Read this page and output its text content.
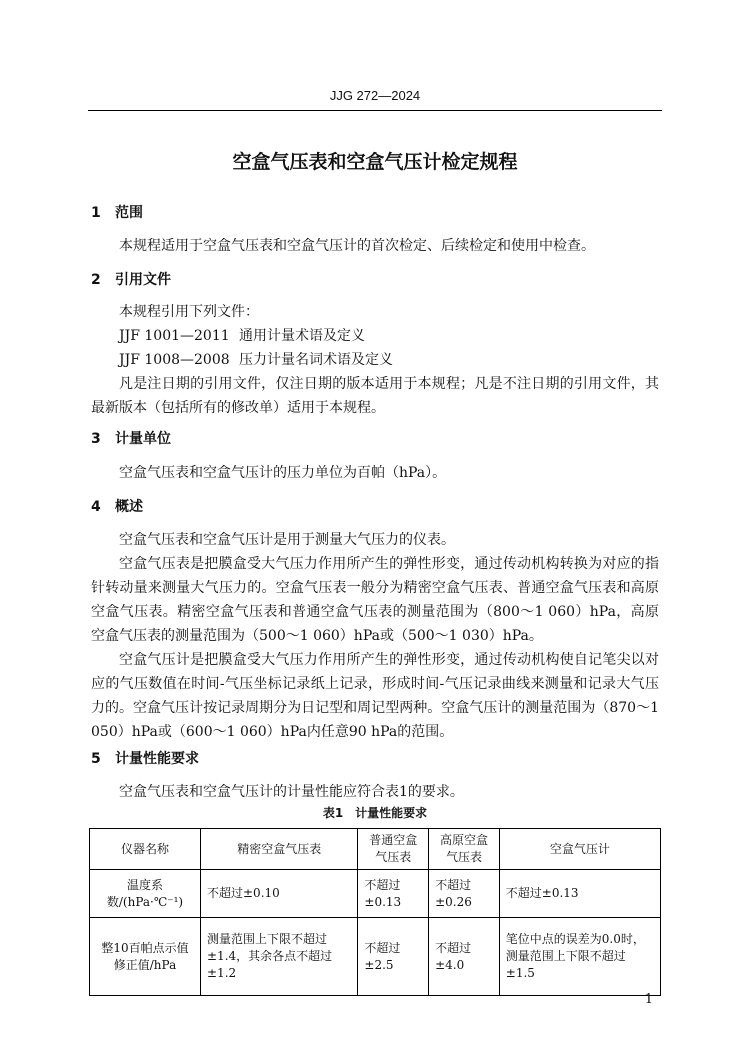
JJG 272—2024
空盒气压表和空盒气压计检定规程
1 范围

本规程适用于空盒气压表和空盒气压计的首次检定、后续检定和使用中检查。

2 引用文件

本规程引用下列文件：

JJF 1001—2011 通用计量术语及定义

JJF 1008—2008 压力计量名词术语及定义

凡是注日期的引用文件，仅注日期的版本适用于本规程；凡是不注日期的引用文件，其最新版本（包括所有的修改单）适用于本规程。

3 计量单位

空盒气压表和空盒气压计的压力单位为百帕（hPa）。

4 概述

空盒气压表和空盒气压计是用于测量大气压力的仪表。

空盒气压表是把膜盒受大气压力作用所产生的弹性形变，通过传动机构转换为对应的指针转动量来测量大气压力的。空盒气压表一般分为精密空盒气压表、普通空盒气压表和高原空盒气压表。精密空盒气压表和普通空盒气压表的测量范围为（800～1 060）hPa，高原空盒气压表的测量范围为（500～1 060）hPa或（500～1 030）hPa。

空盒气压计是把膜盒受大气压力作用所产生的弹性形变，通过传动机构使自记笔尖以对应的气压数值在时间-气压坐标记录纸上记录，形成时间-气压记录曲线来测量和记录大气压力的。空盒气压计按记录周期分为日记型和周记型两种。空盒气压计的测量范围为（870～1 050）hPa或（600～1 060）hPa内任意90 hPa的范围。

5 计量性能要求

空盒气压表和空盒气压计的计量性能应符合表1的要求。

表1　计量性能要求
仪器名称	精密空盒气压表	普通空盒气压表	高原空盒气压表	空盒气压计
温度系数/(hPa·℃⁻¹)	不超过±0.10	不超过±0.13	不超过±0.26	不超过±0.13
整10百帕点示值修正值/hPa	测量范围上下限不超过±1.4，其余各点不超过±1.2	不超过±2.5	不超过±4.0	笔位中点的误差为0.0时，测量范围上下限不超过±1.5
1
